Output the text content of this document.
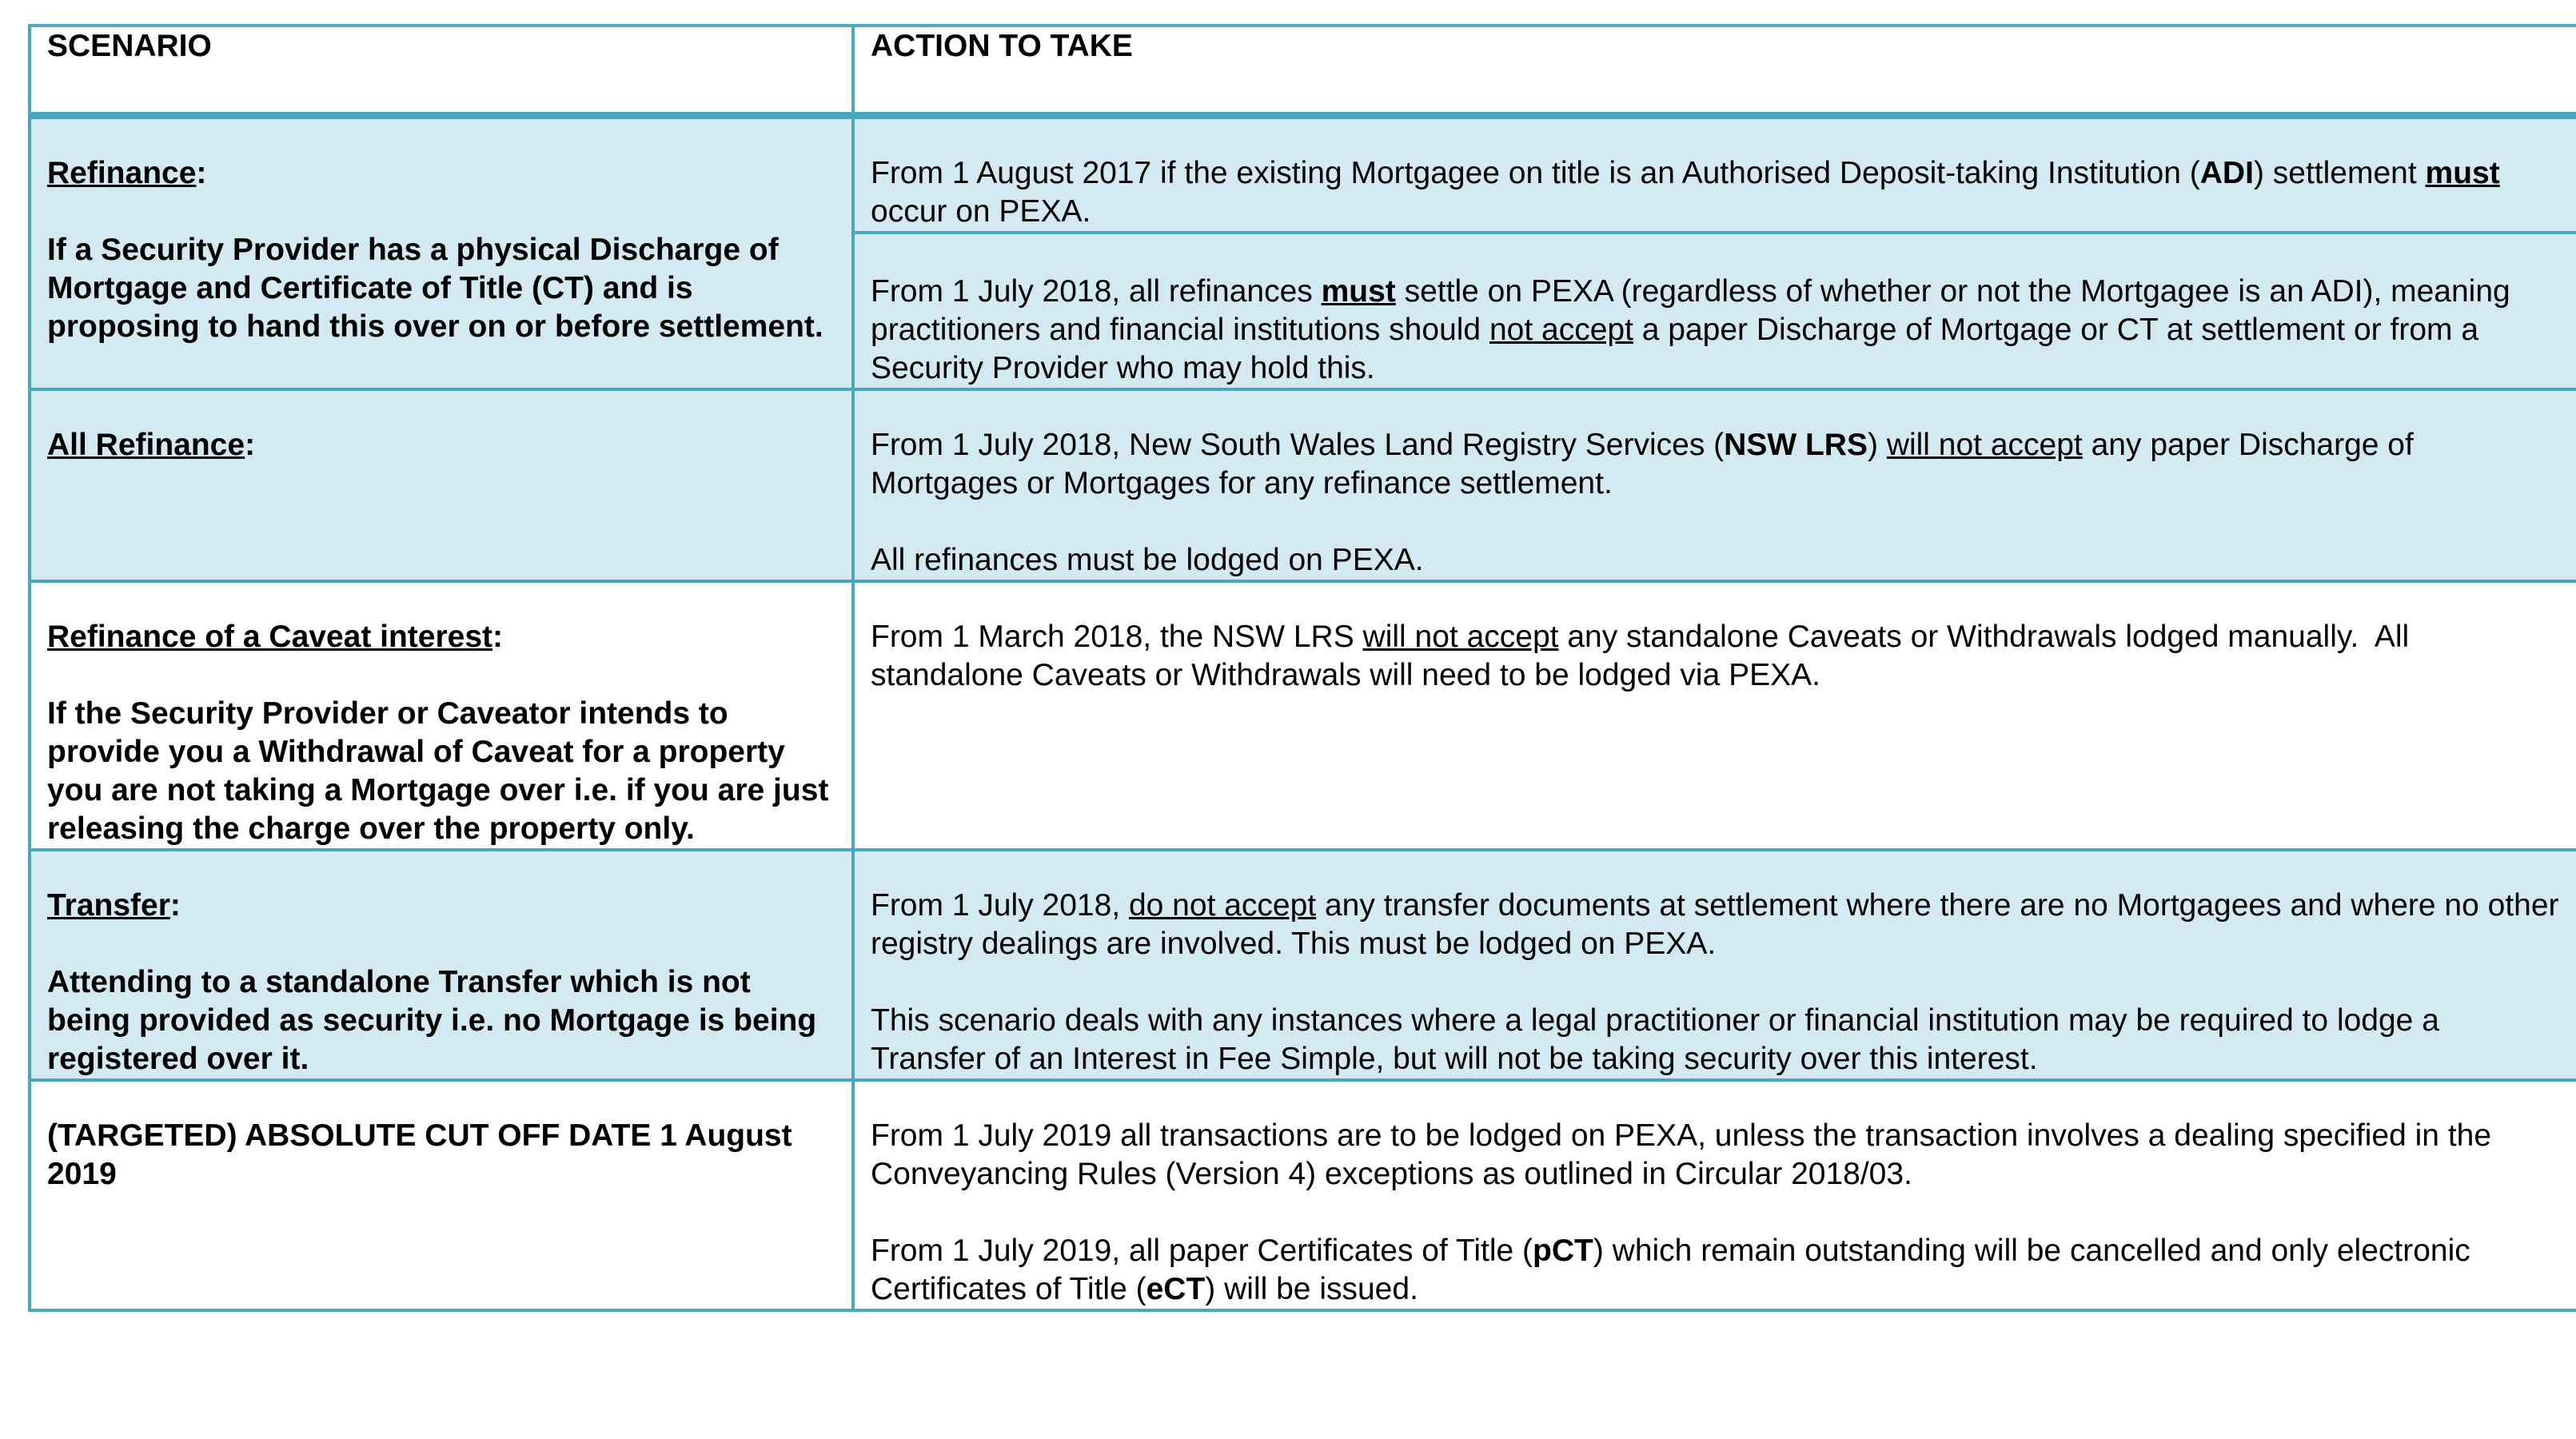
SCENARIO	ACTION TO TAKE

Refinance:
If a Security Provider has a physical Discharge of Mortgage and Certificate of Title (CT) and is proposing to hand this over on or before settlement.	From 1 August 2017 if the existing Mortgagee on title is an Authorised Deposit-taking Institution (ADI) settlement must occur on PEXA.
	From 1 July 2018, all refinances must settle on PEXA (regardless of whether or not the Mortgagee is an ADI), meaning practitioners and financial institutions should not accept a paper Discharge of Mortgage or CT at settlement or from a Security Provider who may hold this.

All Refinance:	From 1 July 2018, New South Wales Land Registry Services (NSW LRS) will not accept any paper Discharge of Mortgages or Mortgages for any refinance settlement.
All refinances must be lodged on PEXA.

Refinance of a Caveat interest:
If the Security Provider or Caveator intends to provide you a Withdrawal of Caveat for a property you are not taking a Mortgage over i.e. if you are just releasing the charge over the property only.	From 1 March 2018, the NSW LRS will not accept any standalone Caveats or Withdrawals lodged manually.  All standalone Caveats or Withdrawals will need to be lodged via PEXA.

Transfer:
Attending to a standalone Transfer which is not being provided as security i.e. no Mortgage is being registered over it.	From 1 July 2018, do not accept any transfer documents at settlement where there are no Mortgagees and where no other registry dealings are involved. This must be lodged on PEXA.
This scenario deals with any instances where a legal practitioner or financial institution may be required to lodge a Transfer of an Interest in Fee Simple, but will not be taking security over this interest.

(TARGETED) ABSOLUTE CUT OFF DATE 1 August 2019	From 1 July 2019 all transactions are to be lodged on PEXA, unless the transaction involves a dealing specified in the Conveyancing Rules (Version 4) exceptions as outlined in Circular 2018/03.
From 1 July 2019, all paper Certificates of Title (pCT) which remain outstanding will be cancelled and only electronic Certificates of Title (eCT) will be issued.
